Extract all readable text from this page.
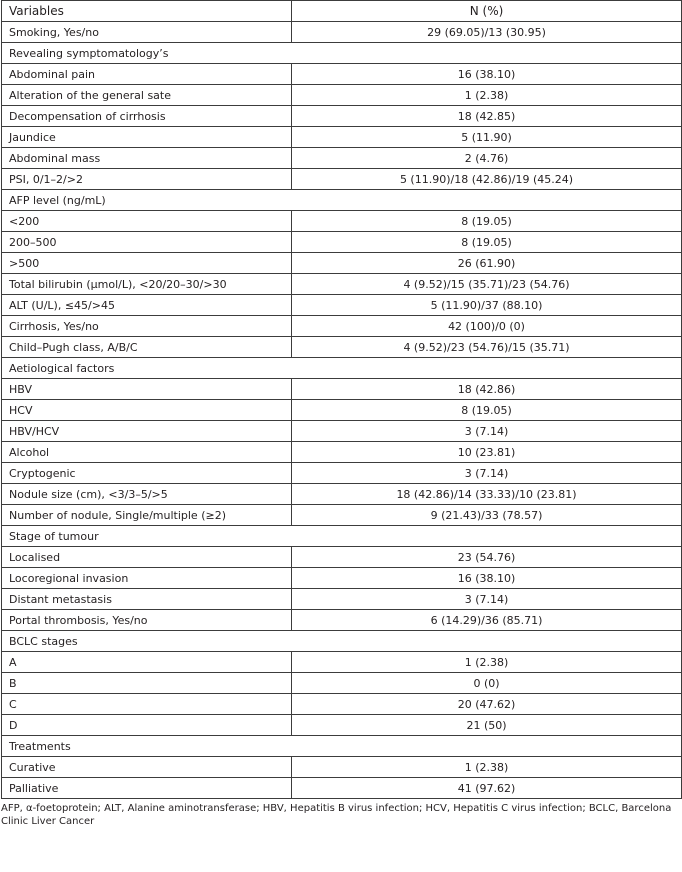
Variables	N (%)
Smoking, Yes/no	29 (69.05)/13 (30.95)
Revealing symptomatology’s	
Abdominal pain	16 (38.10)
Alteration of the general sate	1 (2.38)
Decompensation of cirrhosis	18 (42.85)
Jaundice	5 (11.90)
Abdominal mass	2 (4.76)
PSI, 0/1–2/>2	5 (11.90)/18 (42.86)/19 (45.24)
AFP level (ng/mL)	
<200	8 (19.05)
200–500	8 (19.05)
>500	26 (61.90)
Total bilirubin (µmol/L), <20/20–30/>30	4 (9.52)/15 (35.71)/23 (54.76)
ALT (U/L), ≤45/>45	5 (11.90)/37 (88.10)
Cirrhosis, Yes/no	42 (100)/0 (0)
Child–Pugh class, A/B/C	4 (9.52)/23 (54.76)/15 (35.71)
Aetiological factors	
HBV	18 (42.86)
HCV	8 (19.05)
HBV/HCV	3 (7.14)
Alcohol	10 (23.81)
Cryptogenic	3 (7.14)
Nodule size (cm), <3/3–5/>5	18 (42.86)/14 (33.33)/10 (23.81)
Number of nodule, Single/multiple (≥2)	9 (21.43)/33 (78.57)
Stage of tumour	
Localised	23 (54.76)
Locoregional invasion	16 (38.10)
Distant metastasis	3 (7.14)
Portal thrombosis, Yes/no	6 (14.29)/36 (85.71)
BCLC stages	
A	1 (2.38)
B	0 (0)
C	20 (47.62)
D	21 (50)
Treatments	
Curative	1 (2.38)
Palliative	41 (97.62)
AFP, α-foetoprotein; ALT, Alanine aminotransferase; HBV, Hepatitis B virus infection; HCV, Hepatitis C virus infection; BCLC, Barcelona Clinic Liver Cancer
